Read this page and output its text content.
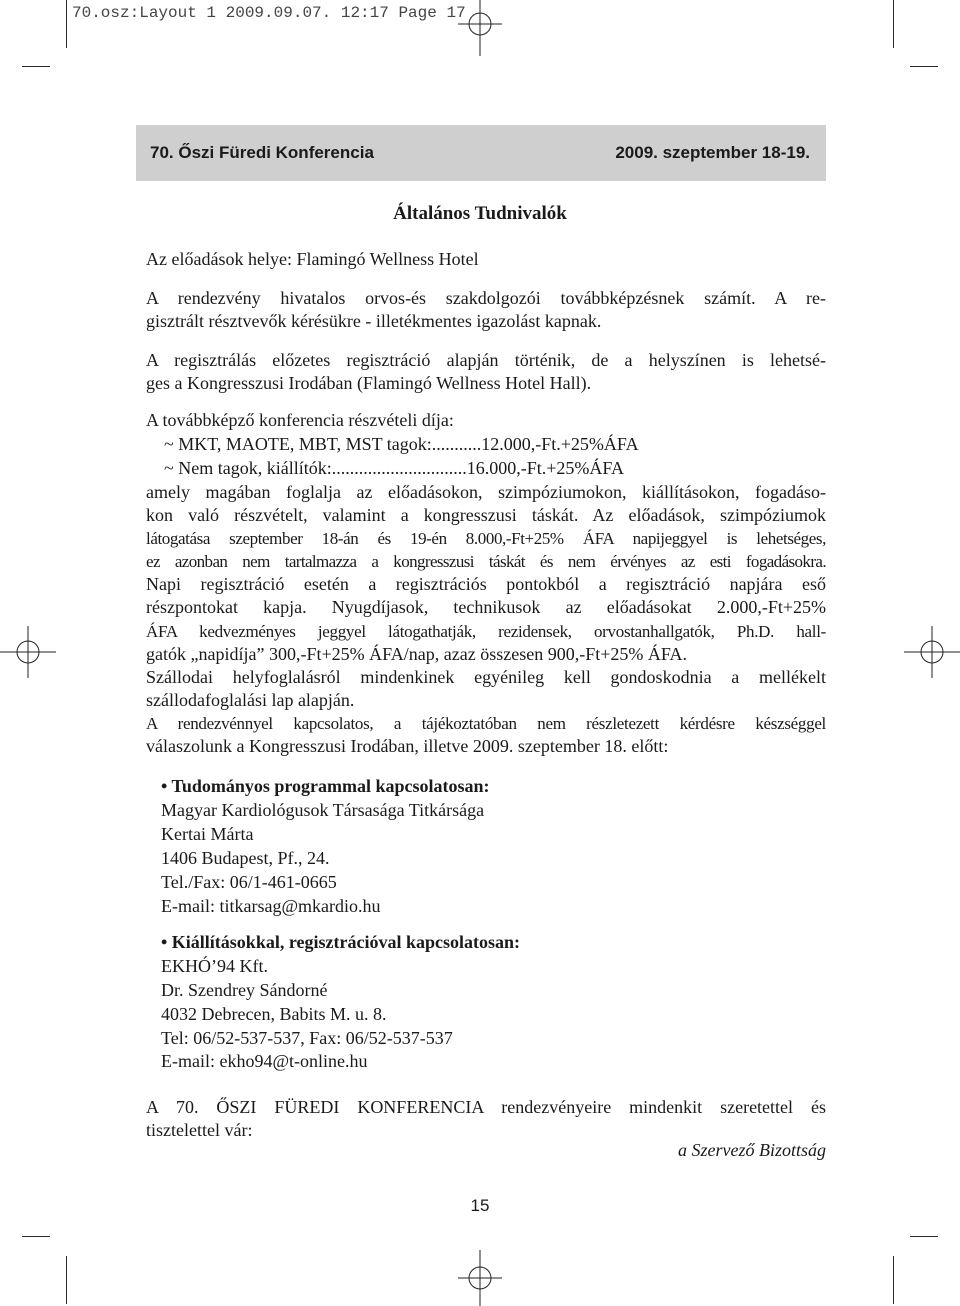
70.osz:Layout 1 2009.09.07. 12:17 Page 17
70. Őszi Füredi Konferencia	2009. szeptember 18-19.
Általános Tudnivalók
Az előadások helye: Flamingó Wellness Hotel
A rendezvény hivatalos orvos-és szakdolgozói továbbképzésnek számít. A re-
gisztrált résztvevők kérésükre - illetékmentes igazolást kapnak.
A regisztrálás előzetes regisztráció alapján történik, de a helyszínen is lehetsé-
ges a Kongresszusi Irodában (Flamingó Wellness Hotel Hall).
A továbbképző konferencia részvételi díja:
~ MKT, MAOTE, MBT, MST tagok:...........12.000,-Ft.+25%ÁFA
~ Nem tagok, kiállítók:..............................16.000,-Ft.+25%ÁFA
amely magában foglalja az előadásokon, szimpóziumokon, kiállításokon, fogadáso-
kon való részvételt, valamint a kongresszusi táskát. Az előadások, szimpóziumok
látogatása szeptember 18-án és 19-én 8.000,-Ft+25% ÁFA napijeggyel is lehetséges,
ez azonban nem tartalmazza a kongresszusi táskát és nem érvényes az esti fogadásokra.
Napi regisztráció esetén a regisztrációs pontokból a regisztráció napjára eső
részpontokat kapja. Nyugdíjasok, technikusok az előadásokat 2.000,-Ft+25%
ÁFA kedvezményes jeggyel látogathatják, rezidensek, orvostanhallgatók, Ph.D. hall-
gatók „napidíja” 300,-Ft+25% ÁFA/nap, azaz összesen 900,-Ft+25% ÁFA.
Szállodai helyfoglalásról mindenkinek egyénileg kell gondoskodnia a mellékelt
szállodafoglalási lap alapján.
A rendezvénnyel kapcsolatos, a tájékoztatóban nem részletezett kérdésre készséggel
válaszolunk a Kongresszusi Irodában, illetve 2009. szeptember 18. előtt:
• Tudományos programmal kapcsolatosan:
Magyar Kardiológusok Társasága Titkársága
Kertai Márta
1406 Budapest, Pf., 24.
Tel./Fax: 06/1-461-0665
E-mail: titkarsag@mkardio.hu
• Kiállításokkal, regisztrációval kapcsolatosan:
EKHÓ’94 Kft.
Dr. Szendrey Sándorné
4032 Debrecen, Babits M. u. 8.
Tel: 06/52-537-537, Fax: 06/52-537-537
E-mail: ekho94@t-online.hu
A 70. ŐSZI FÜREDI KONFERENCIA rendezvényeire mindenkit szeretettel és
tisztelettel vár:
a Szervező Bizottság
15
